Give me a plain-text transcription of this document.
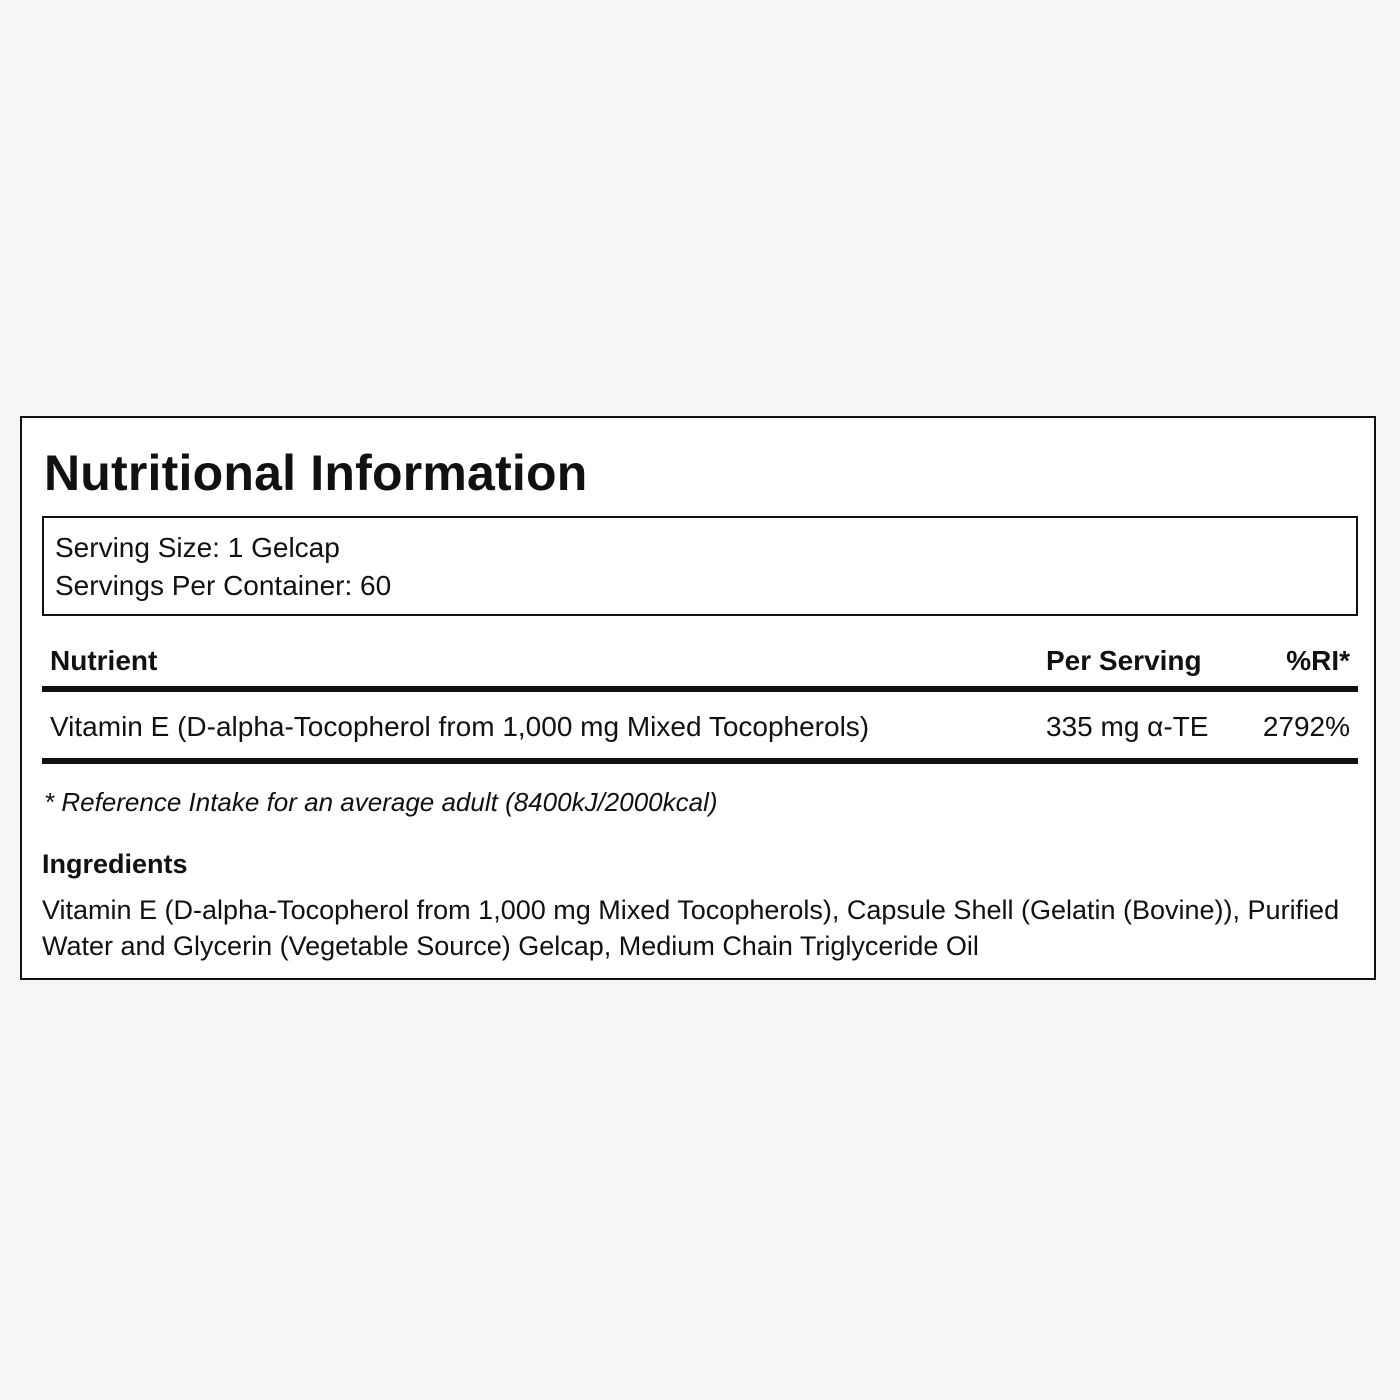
Nutritional Information
Serving Size: 1 Gelcap
Servings Per Container: 60
Nutrient	Per Serving	%RI*
Vitamin E (D-alpha-Tocopherol from 1,000 mg Mixed Tocopherols)	335 mg α-TE 2792%
* Reference Intake for an average adult (8400kJ/2000kcal)
Ingredients
Vitamin E (D-alpha-Tocopherol from 1,000 mg Mixed Tocopherols), Capsule Shell (Gelatin (Bovine)), Purified Water and Glycerin (Vegetable Source) Gelcap, Medium Chain Triglyceride Oil
